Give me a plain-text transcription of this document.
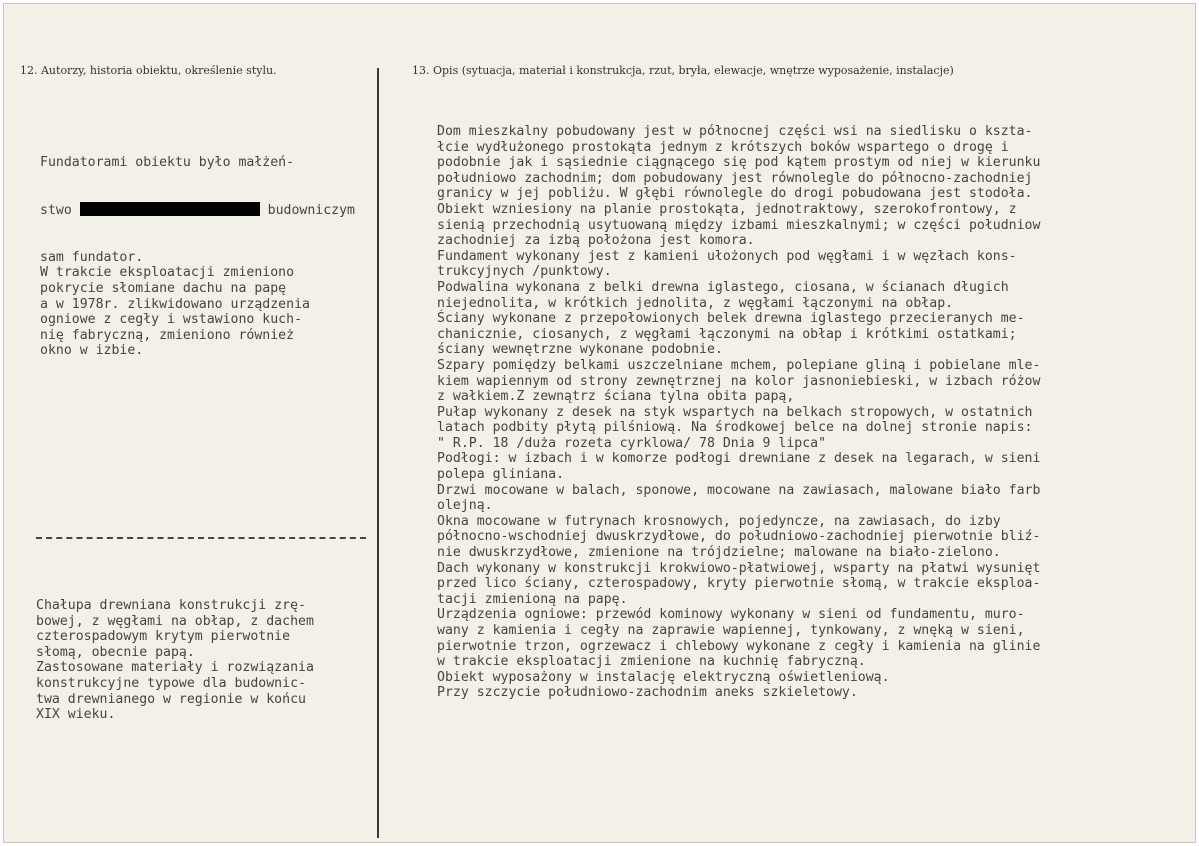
12. Autorzy, historia obiektu, określenie stylu.	13. Opis (sytuacja, materiał i konstrukcja, rzut, bryła, elewacje, wnętrze wyposażenie, instalacje)

Fundatorami obiektu było małżeń-

stwo	budowniczym

sam fundator.
W trakcie eksploatacji zmieniono
pokrycie słomiane dachu na papę
a w 1978r. zlikwidowano urządzenia
ogniowe z cegły i wstawiono kuch-
nię fabryczną, zmieniono również
okno w izbie.

Chałupa drewniana konstrukcji zrę-
bowej, z węgłami na obłap, z dachem
czterospadowym krytym pierwotnie
słomą, obecnie papą.
Zastosowane materiały i rozwiązania
konstrukcyjne typowe dla budownic-
twa drewnianego w regionie w końcu
XIX wieku.
Dom mieszkalny pobudowany jest w północnej części wsi na siedlisku o kszta-
łcie wydłużonego prostokąta jednym z krótszych boków wspartego o drogę i
podobnie jak i sąsiednie ciągnącego się pod kątem prostym od niej w kierunku
południowo zachodnim; dom pobudowany jest równolegle do północno-zachodniej
granicy w jej pobliżu. W głębi równolegle do drogi pobudowana jest stodoła.
Obiekt wzniesiony na planie prostokąta, jednotraktowy, szerokofrontowy, z
sienią przechodnią usytuowaną między izbami mieszkalnymi; w części południow
zachodniej za izbą położona jest komora.
Fundament wykonany jest z kamieni ułożonych pod węgłami i w węzłach kons-
trukcyjnych /punktowy.
Podwalina wykonana z belki drewna iglastego, ciosana, w ścianach długich
niejednolita, w krótkich jednolita, z węgłami łączonymi na obłap.
Ściany wykonane z przepołowionych belek drewna iglastego przecieranych me-
chanicznie, ciosanych, z węgłami łączonymi na obłap i krótkimi ostatkami;
ściany wewnętrzne wykonane podobnie.
Szpary pomiędzy belkami uszczelniane mchem, polepiane gliną i pobielane mle-
kiem wapiennym od strony zewnętrznej na kolor jasnoniebieski, w izbach różow
z wałkiem.Z zewnątrz ściana tylna obita papą,
Pułap wykonany z desek na styk wspartych na belkach stropowych, w ostatnich
latach podbity płytą pilśniową. Na środkowej belce na dolnej stronie napis:
" R.P. 18 /duża rozeta cyrklowa/ 78 Dnia 9 lipca"
Podłogi: w izbach i w komorze podłogi drewniane z desek na legarach, w sieni
polepa gliniana.
Drzwi mocowane w balach, sponowe, mocowane na zawiasach, malowane biało farb
olejną.
Okna mocowane w futrynach krosnowych, pojedyncze, na zawiasach, do izby
północno-wschodniej dwuskrzydłowe, do południowo-zachodniej pierwotnie bliź-
nie dwuskrzydłowe, zmienione na trójdzielne; malowane na biało-zielono.
Dach wykonany w konstrukcji krokwiowo-płatwiowej, wsparty na płatwi wysunięt
przed lico ściany, czterospadowy, kryty pierwotnie słomą, w trakcie eksploa-
tacji zmienioną na papę.
Urządzenia ogniowe: przewód kominowy wykonany w sieni od fundamentu, muro-
wany z kamienia i cegły na zaprawie wapiennej, tynkowany, z wnęką w sieni,
pierwotnie trzon, ogrzewacz i chlebowy wykonane z cegły i kamienia na glinie
w trakcie eksploatacji zmienione na kuchnię fabryczną.
Obiekt wyposażony w instalację elektryczną oświetleniową.
Przy szczycie południowo-zachodnim aneks szkieletowy.
